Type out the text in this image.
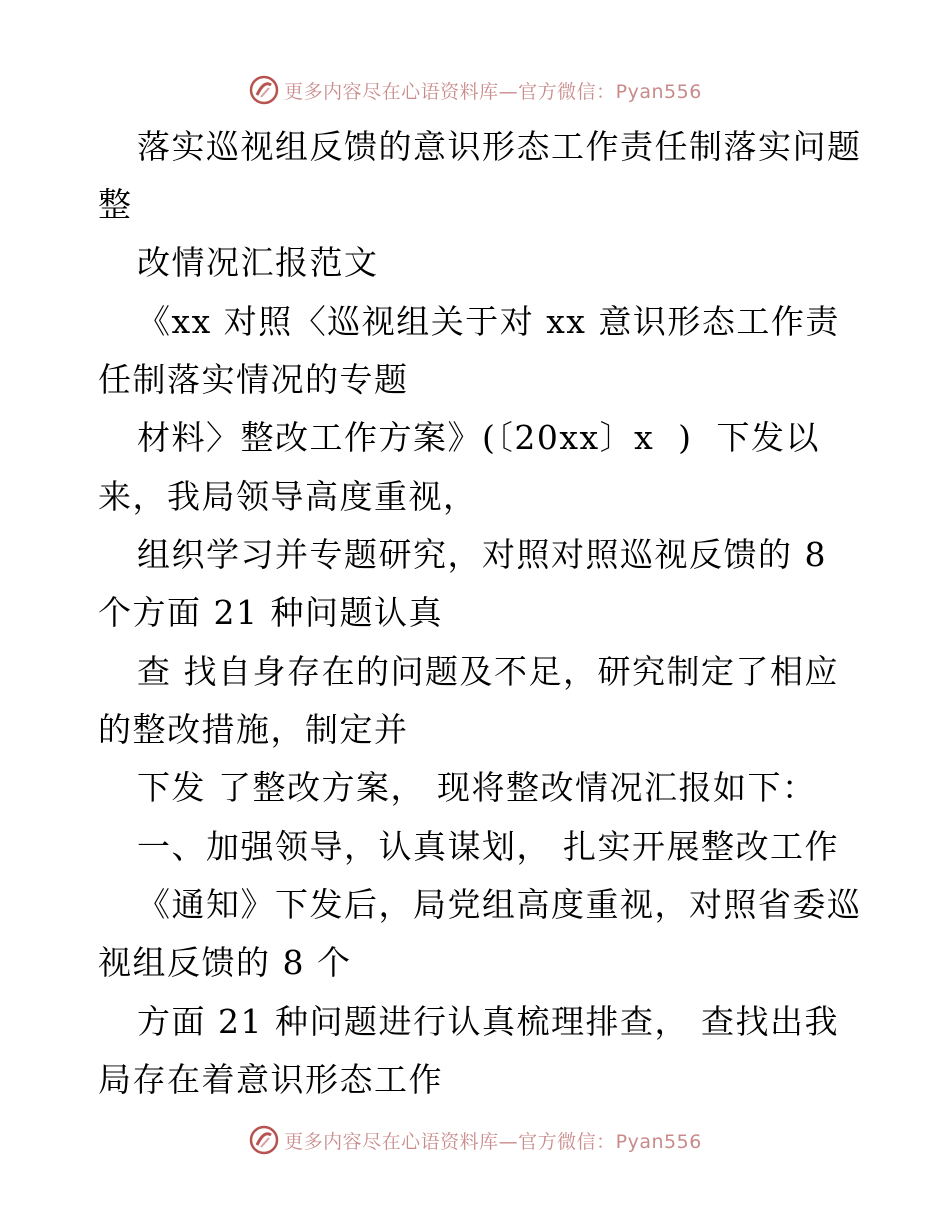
更多内容尽在心语资料库—官方微信：Pyan556
落实巡视组反馈的意识形态工作责任制落实问题
整
改情况汇报范文
《xx 对照〈巡视组关于对 xx 意识形态工作责
任制落实情况的专题
材料〉整改工作方案》(〔20xx〕x  )  下发以
来，我局领导高度重视，
组织学习并专题研究，对照对照巡视反馈的 8
个方面 21 种问题认真
查 找自身存在的问题及不足，研究制定了相应
的整改措施，制定并
下发 了整改方案， 现将整改情况汇报如下：
一、加强领导，认真谋划， 扎实开展整改工作
《通知》下发后，局党组高度重视，对照省委巡
视组反馈的 8 个
方面 21 种问题进行认真梳理排查， 查找出我
局存在着意识形态工作
更多内容尽在心语资料库—官方微信：Pyan556
